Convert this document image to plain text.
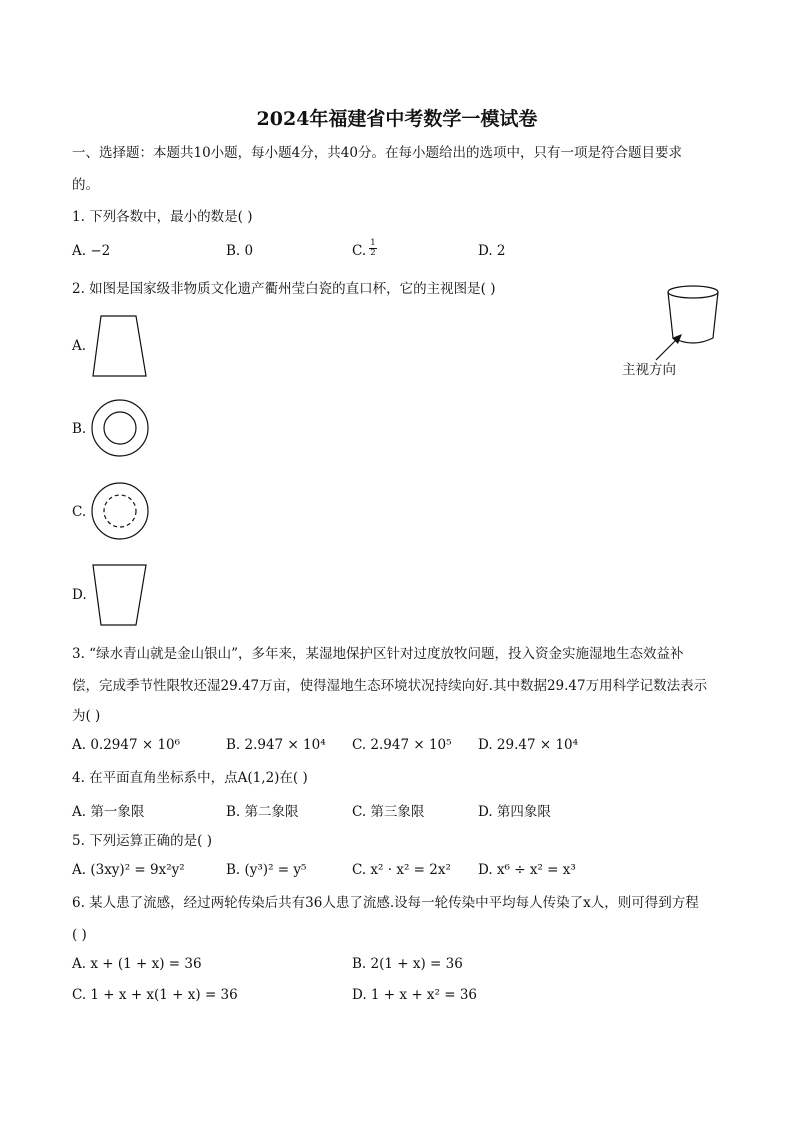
2024年福建省中考数学一模试卷
一、选择题：本题共10小题，每小题4分，共40分。在每小题给出的选项中，只有一项是符合题目要求
的。
1. 下列各数中，最小的数是( )
A. −2	B. 0	C. $\frac{1}{2}$	D. 2
2. 如图是国家级非物质文化遗产衢州莹白瓷的直口杯，它的主视图是( )
主视方向
A.
B.
C.
D.
3. “绿水青山就是金山银山”，多年来，某湿地保护区针对过度放牧问题，投入资金实施湿地生态效益补
偿，完成季节性限牧还湿29.47万亩，使得湿地生态环境状况持续向好.其中数据29.47万用科学记数法表示
为( )
A. 0.2947 × 10⁶	B. 2.947 × 10⁴ C. 2.947 × 10⁵ D. 29.47 × 10⁴
4. 在平面直角坐标系中，点A(1,2)在( )
A. 第一象限	B. 第二象限	C. 第三象限	D. 第四象限
5. 下列运算正确的是( )
A. (3xy)² = 9x²y²	B. (y³)² = y⁵	C. x² · x² = 2x² D. x⁶ ÷ x² = x³
6. 某人患了流感，经过两轮传染后共有36人患了流感.设每一轮传染中平均每人传染了x人，则可得到方程
( )
A. x + (1 + x) = 36	B. 2(1 + x) = 36
C. 1 + x + x(1 + x) = 36	D. 1 + x + x² = 36
